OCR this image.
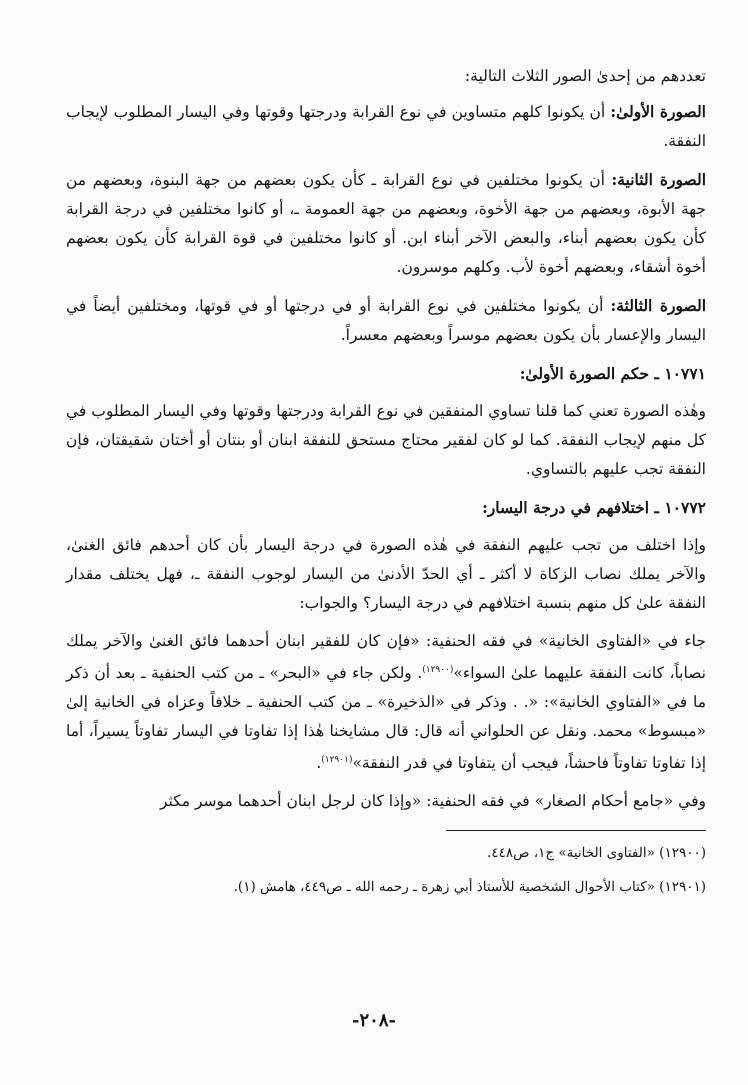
تعددهم من إحدىٰ الصور الثلاث التالية:

الصورة الأولىٰ: أن يكونوا كلهم متساوين في نوع القرابة ودرجتها وقوتها وفي اليسار المطلوب لإيجاب النفقة.

الصورة الثانية: أن يكونوا مختلفين في نوع القرابة ـ كأن يكون بعضهم من جهة البنوة، وبعضهم من جهة الأبوة، وبعضهم من جهة الأخوة، وبعضهم من جهة العمومة ـ، أو كانوا مختلفين في درجة القرابة كأن يكون بعضهم أبناء، والبعض الآخر أبناء ابن. أو كانوا مختلفين في قوة القرابة كأن يكون بعضهم أخوة أشقاء، وبعضهم أخوة لأب. وكلهم موسرون.

الصورة الثالثة: أن يكونوا مختلفين في نوع القرابة أو في درجتها أو في قوتها، ومختلفين أيضاً في اليسار والإعسار بأن يكون بعضهم موسراً وبعضهم معسراً.

١٠٧٧١ ـ حكم الصورة الأولىٰ:

وهٰذه الصورة تعني كما قلنا تساوي المنفقين في نوع القرابة ودرجتها وقوتها وفي اليسار المطلوب في كل منهم لإيجاب النفقة. كما لو كان لفقير محتاج مستحق للنفقة ابنان أو بنتان أو أختان شقيقتان، فإن النفقة تجب عليهم بالتساوي.

١٠٧٧٢ ـ اختلافهم في درجة اليسار:

وإذا اختلف من تجب عليهم النفقة في هٰذه الصورة في درجة اليسار بأن كان أحدهم فائق الغنىٰ، والآخر يملك نصاب الزكاة لا أكثر ـ أي الحدّ الأدنىٰ من اليسار لوجوب النفقة ـ، فهل يختلف مقدار النفقة علىٰ كل منهم بنسبة اختلافهم في درجة اليسار؟ والجواب:

جاء في «الفتاوى الخانية» في فقه الحنفية: «فإن كان للفقير ابنان أحدهما فائق الغنىٰ والآخر يملك نصاباً، كانت النفقة عليهما علىٰ السواء»$^{(١٢٩٠٠)}$. ولكن جاء في «البحر» ـ من كتب الحنفية ـ بعد أن ذكر ما في «الفتاوي الخانية»: «. . وذكر في «الذخيرة» ـ من كتب الحنفية ـ خلافاً وعزاه في الخانية إلىٰ «مبسوط» محمد. ونقل عن الحلواني أنه قال: قال مشايخنا هٰذا إذا تفاوتا في اليسار تفاوتاً يسيراً، أما إذا تفاوتا تفاوتاً فاحشاً، فيجب أن يتفاوتا في قدر النفقة»$^{(١٢٩٠١)}$.

وفي «جامع أحكام الصغار» في فقه الحنفية: «وإذا كان لرجل ابنان أحدهما موسر مكثر

(١٢٩٠٠) «الفتاوى الخانية» ج١، ص٤٤٨.

(١٢٩٠١) «كتاب الأحوال الشخصية للأستاذ أبي زهرة ـ رحمه الله ـ ص٤٤٩، هامش (١).

-٢٠٨-
